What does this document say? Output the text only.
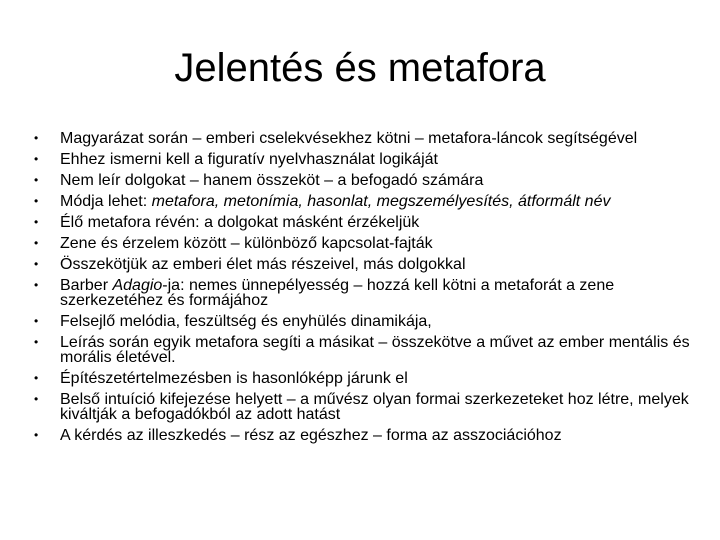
Jelentés és metafora
•	Magyarázat során – emberi cselekvésekhez kötni – metafora-láncok segítségével
•	Ehhez ismerni kell a figuratív nyelvhasználat logikáját
•	Nem leír dolgokat – hanem összeköt – a befogadó számára
•	Módja lehet: metafora, metonímia, hasonlat, megszemélyesítés, átformált név
•	Élő metafora révén: a dolgokat másként érzékeljük
•	Zene és érzelem között – különböző kapcsolat-fajták
•	Összekötjük az emberi élet más részeivel, más dolgokkal
•	Barber Adagio-ja: nemes ünnepélyesség – hozzá kell kötni a metaforát a zene szerkezetéhez és formájához
•	Felsejlő melódia, feszültség és enyhülés dinamikája,
•	Leírás során egyik metafora segíti a másikat – összekötve a művet az ember mentális és morális életével.
•	Építészetértelmezésben is hasonlóképp járunk el
•	Belső intuíció kifejezése helyett – a művész olyan formai szerkezeteket hoz létre, melyek kiváltják a befogadókból az adott hatást
•	A kérdés az illeszkedés – rész az egészhez – forma az asszociációhoz
